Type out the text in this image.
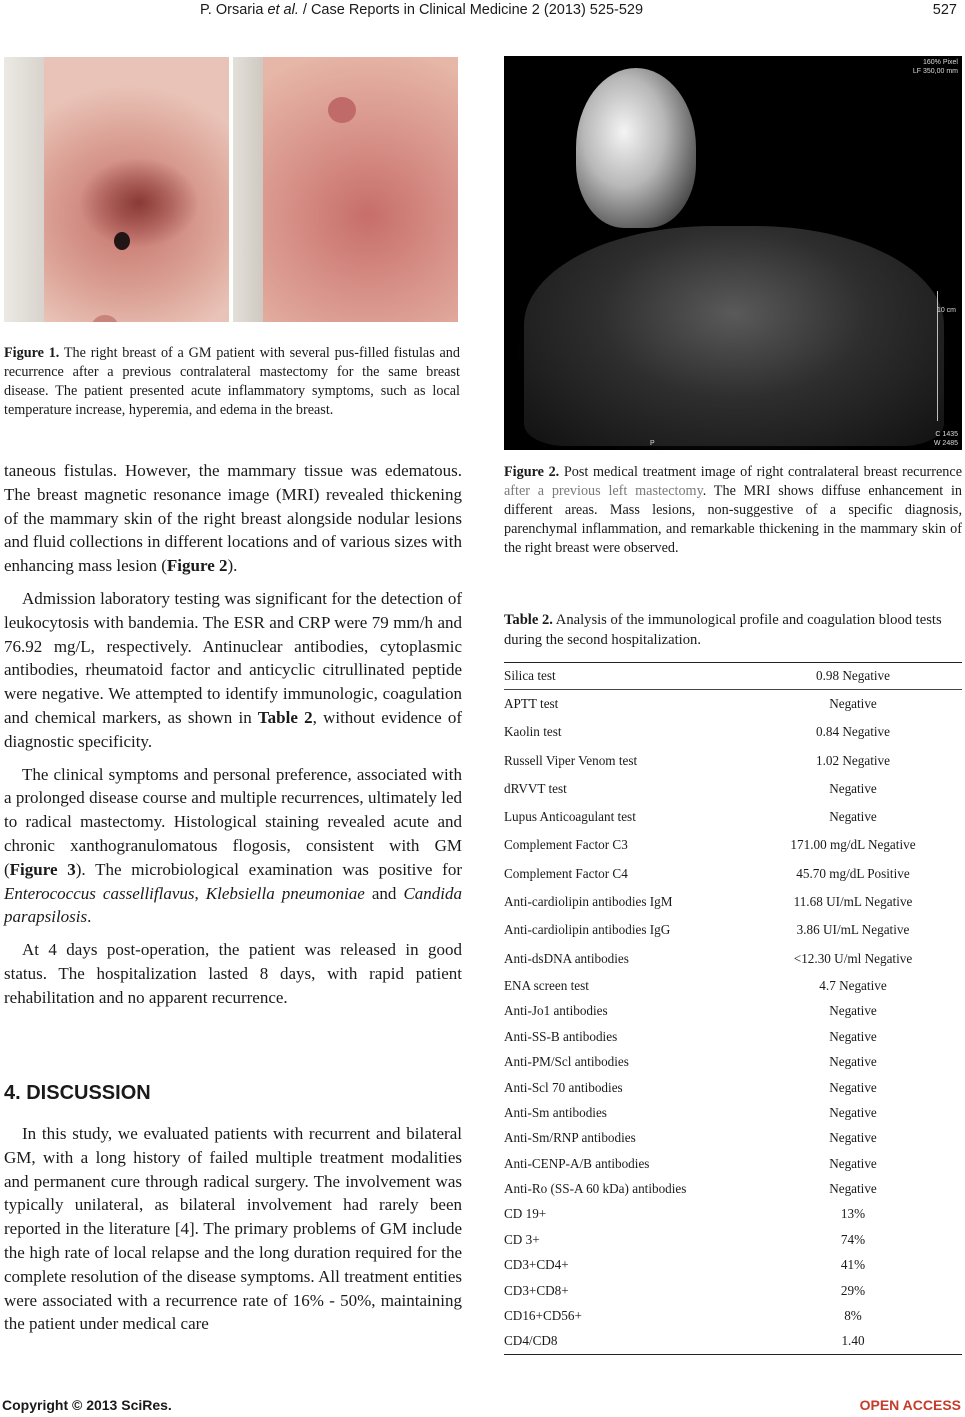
P. Orsaria et al. / Case Reports in Clinical Medicine 2 (2013) 525-529	527
Figure 1. The right breast of a GM patient with several pus-filled fistulas and recurrence after a previous contralateral mastectomy for the same breast disease. The patient presented acute inflammatory symptoms, such as local temperature increase, hyperemia, and edema in the breast.
160% Pixel
LF 350,00 mm
10 cm
P
C 1435
W 2485
Figure 2. Post medical treatment image of right contralateral breast recurrence after a previous left mastectomy. The MRI shows diffuse enhancement in different areas. Mass lesions, non-suggestive of a specific diagnosis, parenchymal inflammation, and remarkable thickening in the mammary skin of the right breast were observed.
Table 2. Analysis of the immunological profile and coagulation blood tests during the second hospitalization.
Silica test	0.98 Negative
APTT test	Negative
Kaolin test	0.84 Negative
Russell Viper Venom test	1.02 Negative
dRVVT test	Negative
Lupus Anticoagulant test	Negative
Complement Factor C3	171.00 mg/dL Negative
Complement Factor C4	45.70 mg/dL Positive
Anti-cardiolipin antibodies IgM	11.68 UI/mL Negative
Anti-cardiolipin antibodies IgG	3.86 UI/mL Negative
Anti-dsDNA antibodies	<12.30 U/ml Negative
ENA screen test	4.7 Negative
Anti-Jo1 antibodies	Negative
Anti-SS-B antibodies	Negative
Anti-PM/Scl antibodies	Negative
Anti-Scl 70 antibodies	Negative
Anti-Sm antibodies	Negative
Anti-Sm/RNP antibodies	Negative
Anti-CENP-A/B antibodies	Negative
Anti-Ro (SS-A 60 kDa) antibodies	Negative
CD 19+	13%
CD 3+	74%
CD3+CD4+	41%
CD3+CD8+	29%
CD16+CD56+	8%
CD4/CD8	1.40

taneous fistulas. However, the mammary tissue was edematous. The breast magnetic resonance image (MRI) revealed thickening of the mammary skin of the right breast alongside nodular lesions and fluid collections in different locations and of various sizes with enhancing mass lesion (Figure 2).

Admission laboratory testing was significant for the detection of leukocytosis with bandemia. The ESR and CRP were 79 mm/h and 76.92 mg/L, respectively. Antinuclear antibodies, cytoplasmic antibodies, rheumatoid factor and anticyclic citrullinated peptide were negative. We attempted to identify immunologic, coagulation and chemical markers, as shown in Table 2, without evidence of diagnostic specificity.

The clinical symptoms and personal preference, associated with a prolonged disease course and multiple recurrences, ultimately led to radical mastectomy. Histological staining revealed acute and chronic xanthogranulomatous flogosis, consistent with GM (Figure 3). The microbiological examination was positive for Enterococcus casselliflavus, Klebsiella pneumoniae and Candida parapsilosis.

At 4 days post-operation, the patient was released in good status. The hospitalization lasted 8 days, with rapid patient rehabilitation and no apparent recurrence.

4. DISCUSSION

In this study, we evaluated patients with recurrent and bilateral GM, with a long history of failed multiple treatment modalities and permanent cure through radical surgery. The involvement was typically unilateral, as bilateral involvement had rarely been reported in the literature [4]. The primary problems of GM include the high rate of local relapse and the long duration required for the complete resolution of the disease symptoms. All treatment entities were associated with a recurrence rate of 16% - 50%, maintaining the patient under medical care

Copyright © 2013 SciRes.	OPEN ACCESS
